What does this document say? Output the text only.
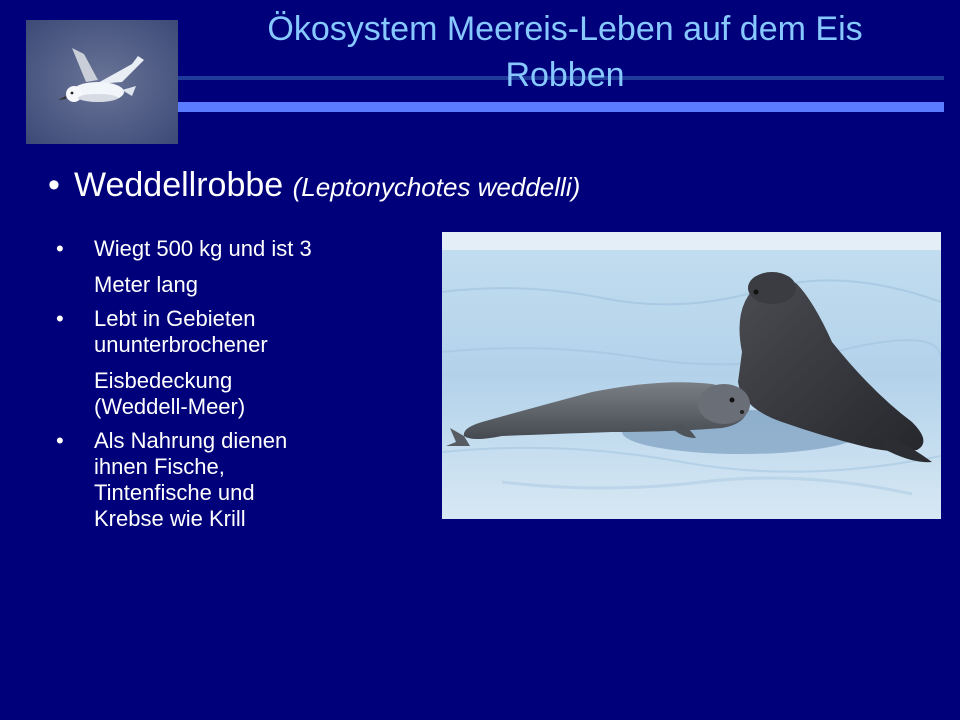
Ökosystem Meereis-Leben auf dem Eis
Robben
• Weddellrobbe (Leptonychotes weddelli)
• Wiegt 500 kg und ist 3
Meter lang
• Lebt in Gebieten
ununterbrochener
Eisbedeckung
(Weddell-Meer)
• Als Nahrung dienen
ihnen Fische,
Tintenfische und
Krebse wie Krill
